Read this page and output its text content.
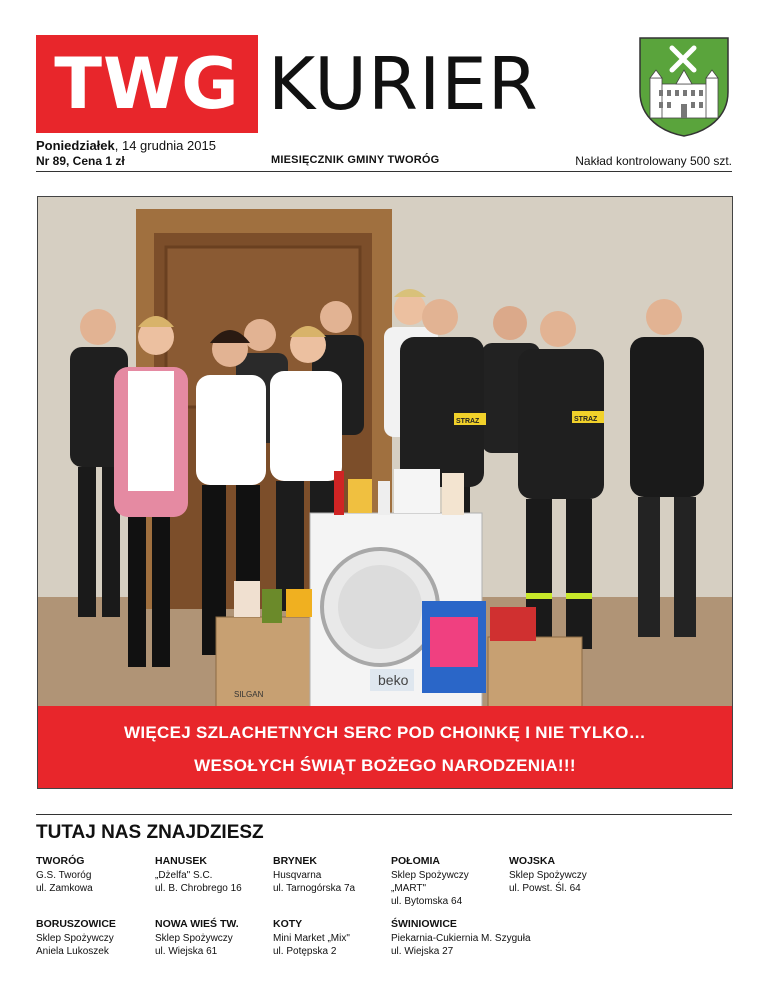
TWG KURIER
Poniedziałek, 14 grudnia 2015
Nr 89, Cena 1 zł	MIESIĘCZNIK GMINY TWORÓG	Nakład kontrolowany 500 szt.
beko
SILGAN
STRAZ	STRAZ
WIĘCEJ SZLACHETNYCH SERC POD CHOINKĘ I NIE TYLKO…
WESOŁYCH ŚWIĄT BOŻEGO NARODZENIA!!!
TUTAJ NAS ZNAJDZIESZ
TWORÓG
G.S. Tworóg
ul. Zamkowa
HANUSEK
„Dżelfa" S.C.
ul. B. Chrobrego 16
BRYNEK
Husqvarna
ul. Tarnogórska 7a
POŁOMIA
Sklep Spożywczy
„MART"
ul. Bytomska 64
WOJSKA
Sklep Spożywczy
ul. Powst. Śl. 64
BORUSZOWICE
Sklep Spożywczy
Aniela Lukoszek
NOWA WIEŚ TW.
Sklep Spożywczy
ul. Wiejska 61
KOTY
Mini Market „Mix"
ul. Potępska 2
ŚWINIOWICE
Piekarnia-Cukiernia M. Szyguła
ul. Wiejska 27
